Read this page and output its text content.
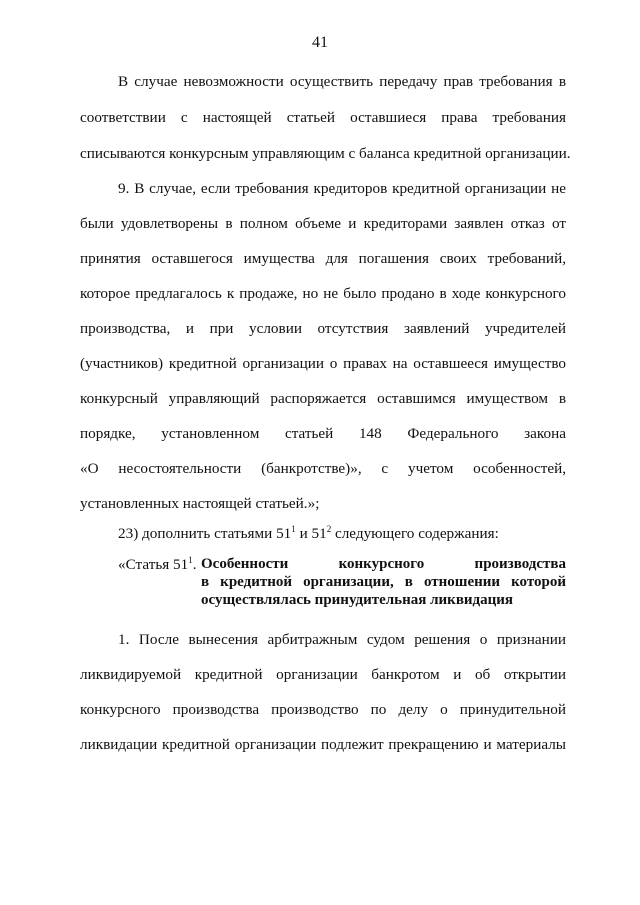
41
В случае невозможности осуществить передачу прав требования в
соответствии с настоящей статьей оставшиеся права требования
списываются конкурсным управляющим с баланса кредитной организации.
9. В случае, если требования кредиторов кредитной организации не
были удовлетворены в полном объеме и кредиторами заявлен отказ от
принятия оставшегося имущества для погашения своих требований,
которое предлагалось к продаже, но не было продано в ходе конкурсного
производства, и при условии отсутствия заявлений учредителей
(участников) кредитной организации о правах на оставшееся имущество
конкурсный управляющий распоряжается оставшимся имуществом в
порядке, установленном статьей 148 Федерального закона
«О несостоятельности (банкротстве)», с учетом особенностей,
установленных настоящей статьей.»;
23) дополнить статьями $51^1$ и $51^2$ следующего содержания:
«Статья $51^1$. Особенности конкурсного производства
в кредитной организации, в отношении которой
осуществлялась принудительная ликвидация
1. После вынесения арбитражным судом решения о признании
ликвидируемой кредитной организации банкротом и об открытии
конкурсного производства производство по делу о принудительной
ликвидации кредитной организации подлежит прекращению и материалы
